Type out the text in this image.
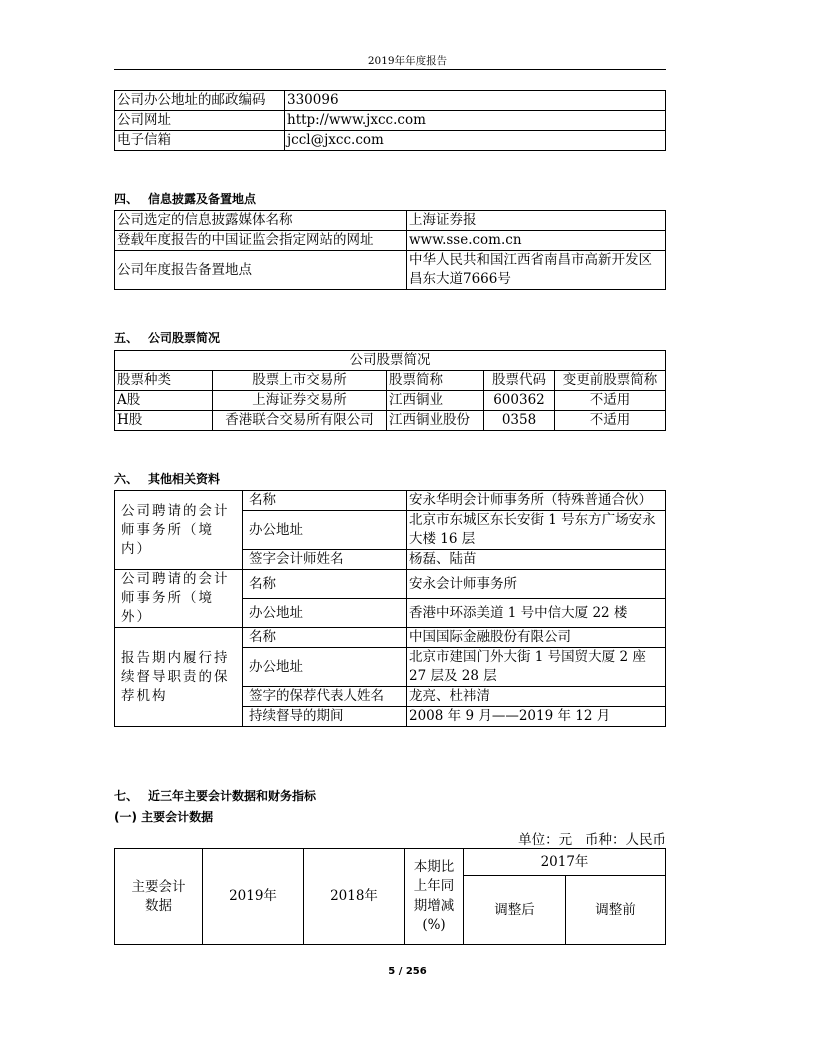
2019年年度报告
公司办公地址的邮政编码	330096
公司网址	http://www.jxcc.com
电子信箱	jccl@jxcc.com
四、 信息披露及备置地点
公司选定的信息披露媒体名称	上海证券报
登载年度报告的中国证监会指定网站的网址	www.sse.com.cn
公司年度报告备置地点	中华人民共和国江西省南昌市高新开发区昌东大道7666号
五、 公司股票简况
公司股票简况				
股票种类	股票上市交易所	股票简称	股票代码	变更前股票简称
A股	上海证券交易所	江西铜业	600362	不适用
H股	香港联合交易所有限公司	江西铜业股份	0358	不适用
六、 其他相关资料
公司聘请的会计师事务所（境内）	名称	安永华明会计师事务所（特殊普通合伙）
	办公地址	北京市东城区东长安街 1 号东方广场安永大楼 16 层
	签字会计师姓名	杨磊、陆苗
公司聘请的会计师事务所（境外）	名称	安永会计师事务所
	办公地址	香港中环添美道 1 号中信大厦 22 楼
报告期内履行持续督导职责的保荐机构	名称	中国国际金融股份有限公司
	办公地址	北京市建国门外大街 1 号国贸大厦 2 座 27 层及 28 层
	签字的保荐代表人姓名	龙亮、杜祎清
	持续督导的期间	2008 年 9 月——2019 年 12 月
七、 近三年主要会计数据和财务指标
(一) 主要会计数据
单位：元   币种：人民币
主要会计数据	2019年	2018年	本期比上年同期增减(%)	2017年	
				调整后	调整前
5 / 256
